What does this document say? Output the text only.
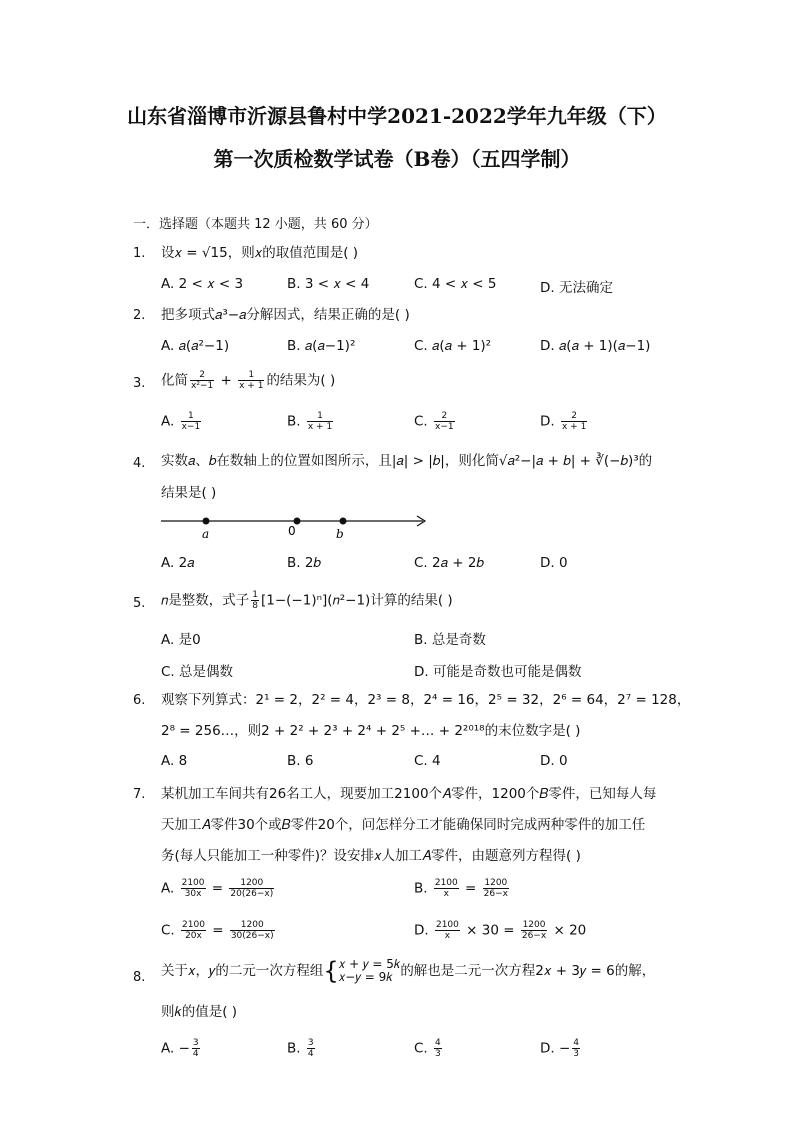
山东省淄博市沂源县鲁村中学2021-2022学年九年级（下）
第一次质检数学试卷（B卷）（五四学制）
一．选择题（本题共 12 小题，共 60 分）
1. 设𝑥 = √15，则𝑥的取值范围是( )
A. 2 < 𝑥 < 3	B. 3 < 𝑥 < 4	C. 4 < 𝑥 < 5	D. 无法确定
2. 把多项式𝑎³−𝑎分解因式，结果正确的是( )
A. 𝑎(𝑎²−1)	B. 𝑎(𝑎−1)²	C. 𝑎(𝑎 + 1)²	D. 𝑎(𝑎 + 1)(𝑎−1)
3. 化简 $\frac{2}{\text{x²−1}} + \frac{1}{x + 1}$ 的结果为( )
A. $\frac{1}{x-1}$	B. $\frac{1}{x + 1}$	C. $\frac{2}{x-1}$	D. $\frac{2}{x + 1}$
4. 实数𝑎、𝑏在数轴上的位置如图所示，且|𝑎| > |𝑏|，则化简√𝑎²−|𝑎 + 𝑏| + ∛(−𝑏)³的
结果是( )
a	0	b
A. 2𝑎	B. 2𝑏	C. 2𝑎 + 2𝑏	D. 0
5. 𝑛是整数，式子 $\frac{1}{8}$ [1−(−1)ⁿ](𝑛²−1)计算的结果( )
A. 是0	B. 总是奇数
C. 总是偶数	D. 可能是奇数也可能是偶数
6. 观察下列算式：2¹ = 2，2² = 4，2³ = 8，2⁴ = 16，2⁵ = 32，2⁶ = 64，2⁷ = 128，
2⁸ = 256…，则2 + 2² + 2³ + 2⁴ + 2⁵ +… + 2²⁰¹⁸的末位数字是( )
A. 8	B. 6	C. 4	D. 0
7. 某机加工车间共有26名工人，现要加工2100个𝐴零件，1200个𝐵零件，已知每人每
天加工𝐴零件30个或𝐵零件20个，问怎样分工才能确保同时完成两种零件的加工任
务(每人只能加工一种零件)？设安排𝑥人加工𝐴零件，由题意列方程得( )
A. $\frac{2100}{30x} = \frac{1200}{20(26-x)}$	B. $\frac{2100}{x} = \frac{1200}{26-x}$
C. $\frac{2100}{20x} = \frac{1200}{30(26-x)}$	D. $\frac{2100}{x} \times 30 = \frac{1200}{26-x} \times 20$
8. 关于𝑥，𝑦的二元一次方程组{ 𝑥 + 𝑦 = 5𝑘
𝑥−𝑦 = 9𝑘 的解也是二元一次方程2𝑥 + 3𝑦 = 6的解，
则𝑘的值是( )
A. − $\frac{3}{4}$	B. $\frac{3}{4}$	C. $\frac{4}{3}$	D. − $\frac{4}{3}$
